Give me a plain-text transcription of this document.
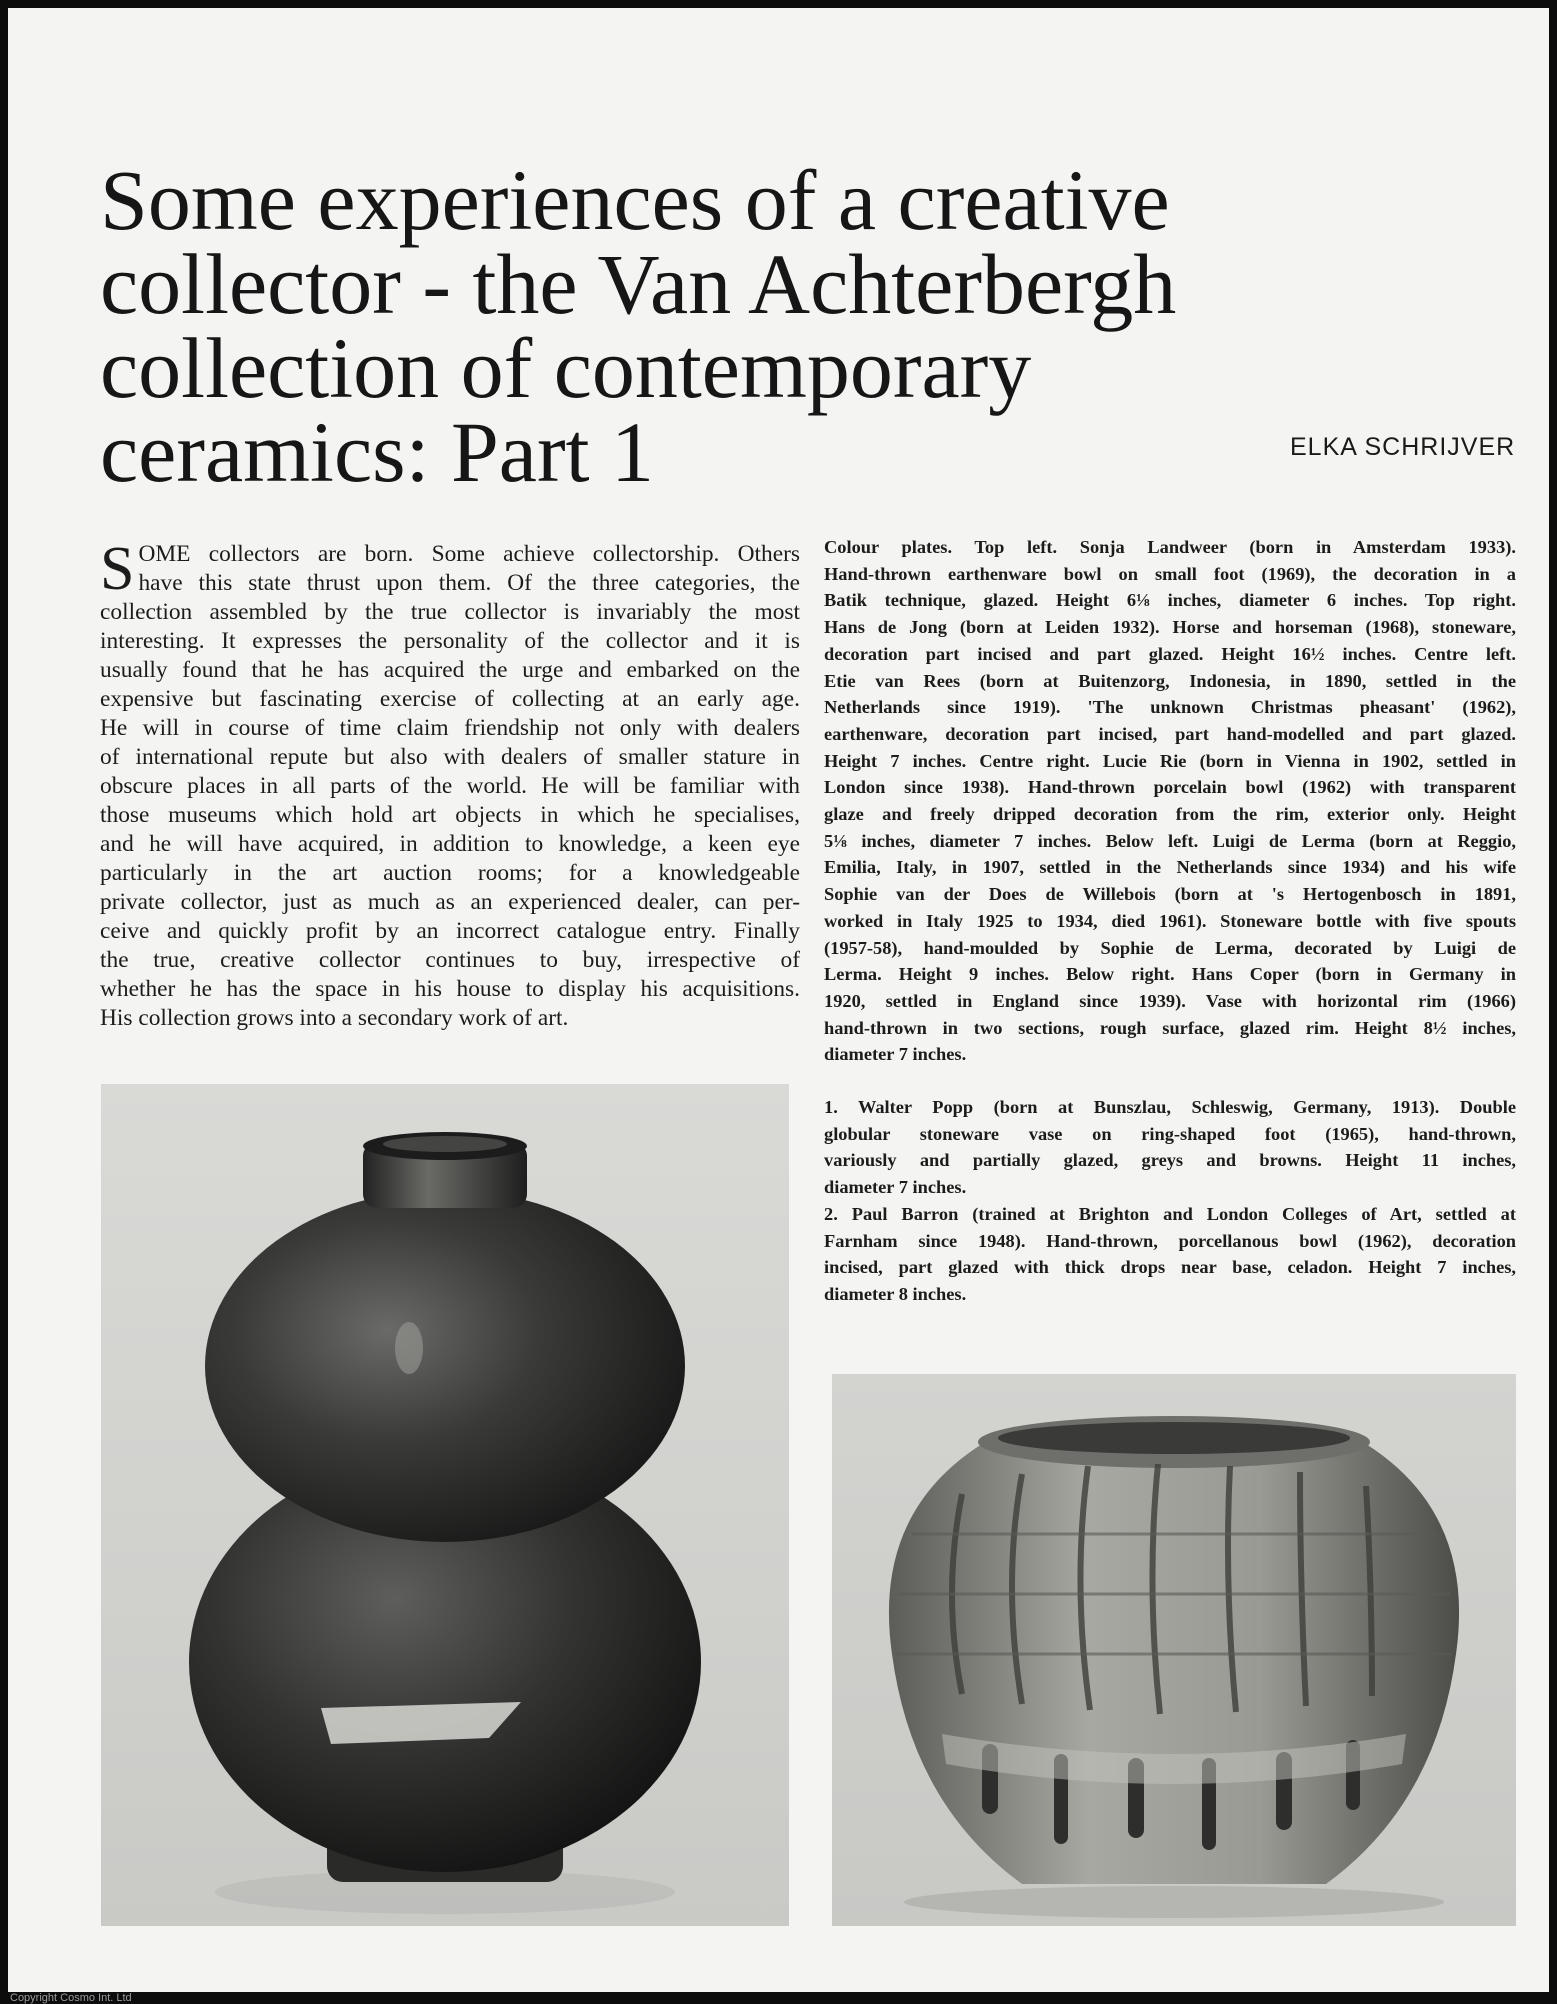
Some experiences of a creative
collector - the Van Achterbergh
collection of contemporary
ceramics: Part 1	ELKA SCHRIJVER
S OME collectors are born. Some achieve collectorship. Others
have this state thrust upon them. Of the three categories, the
collection assembled by the true collector is invariably the most
interesting. It expresses the personality of the collector and it is
usually found that he has acquired the urge and embarked on the
expensive but fascinating exercise of collecting at an early age.
He will in course of time claim friendship not only with dealers
of international repute but also with dealers of smaller stature in
obscure places in all parts of the world. He will be familiar with
those museums which hold art objects in which he specialises,
and he will have acquired, in addition to knowledge, a keen eye
particularly in the art auction rooms; for a knowledgeable
private collector, just as much as an experienced dealer, can per-
ceive and quickly profit by an incorrect catalogue entry. Finally
the true, creative collector continues to buy, irrespective of
whether he has the space in his house to display his acquisitions.
His collection grows into a secondary work of art.
Colour plates. Top left. Sonja Landweer (born in Amsterdam 1933).
Hand-thrown earthenware bowl on small foot (1969), the decoration in a
Batik technique, glazed. Height 6⅛ inches, diameter 6 inches. Top right.
Hans de Jong (born at Leiden 1932). Horse and horseman (1968), stoneware,
decoration part incised and part glazed. Height 16½ inches. Centre left.
Etie van Rees (born at Buitenzorg, Indonesia, in 1890, settled in the
Netherlands since 1919). 'The unknown Christmas pheasant' (1962),
earthenware, decoration part incised, part hand-modelled and part glazed.
Height 7 inches. Centre right. Lucie Rie (born in Vienna in 1902, settled in
London since 1938). Hand-thrown porcelain bowl (1962) with transparent
glaze and freely dripped decoration from the rim, exterior only. Height
5⅛ inches, diameter 7 inches. Below left. Luigi de Lerma (born at Reggio,
Emilia, Italy, in 1907, settled in the Netherlands since 1934) and his wife
Sophie van der Does de Willebois (born at 's Hertogenbosch in 1891,
worked in Italy 1925 to 1934, died 1961). Stoneware bottle with five spouts
(1957-58), hand-moulded by Sophie de Lerma, decorated by Luigi de
Lerma. Height 9 inches. Below right. Hans Coper (born in Germany in
1920, settled in England since 1939). Vase with horizontal rim (1966)
hand-thrown in two sections, rough surface, glazed rim. Height 8½ inches,
diameter 7 inches.
1. Walter Popp (born at Bunszlau, Schleswig, Germany, 1913). Double
globular stoneware vase on ring-shaped foot (1965), hand-thrown,
variously and partially glazed, greys and browns. Height 11 inches,
diameter 7 inches.
2. Paul Barron (trained at Brighton and London Colleges of Art, settled at
Farnham since 1948). Hand-thrown, porcellanous bowl (1962), decoration
incised, part glazed with thick drops near base, celadon. Height 7 inches,
diameter 8 inches.
Copyright Cosmo Int. Ltd
